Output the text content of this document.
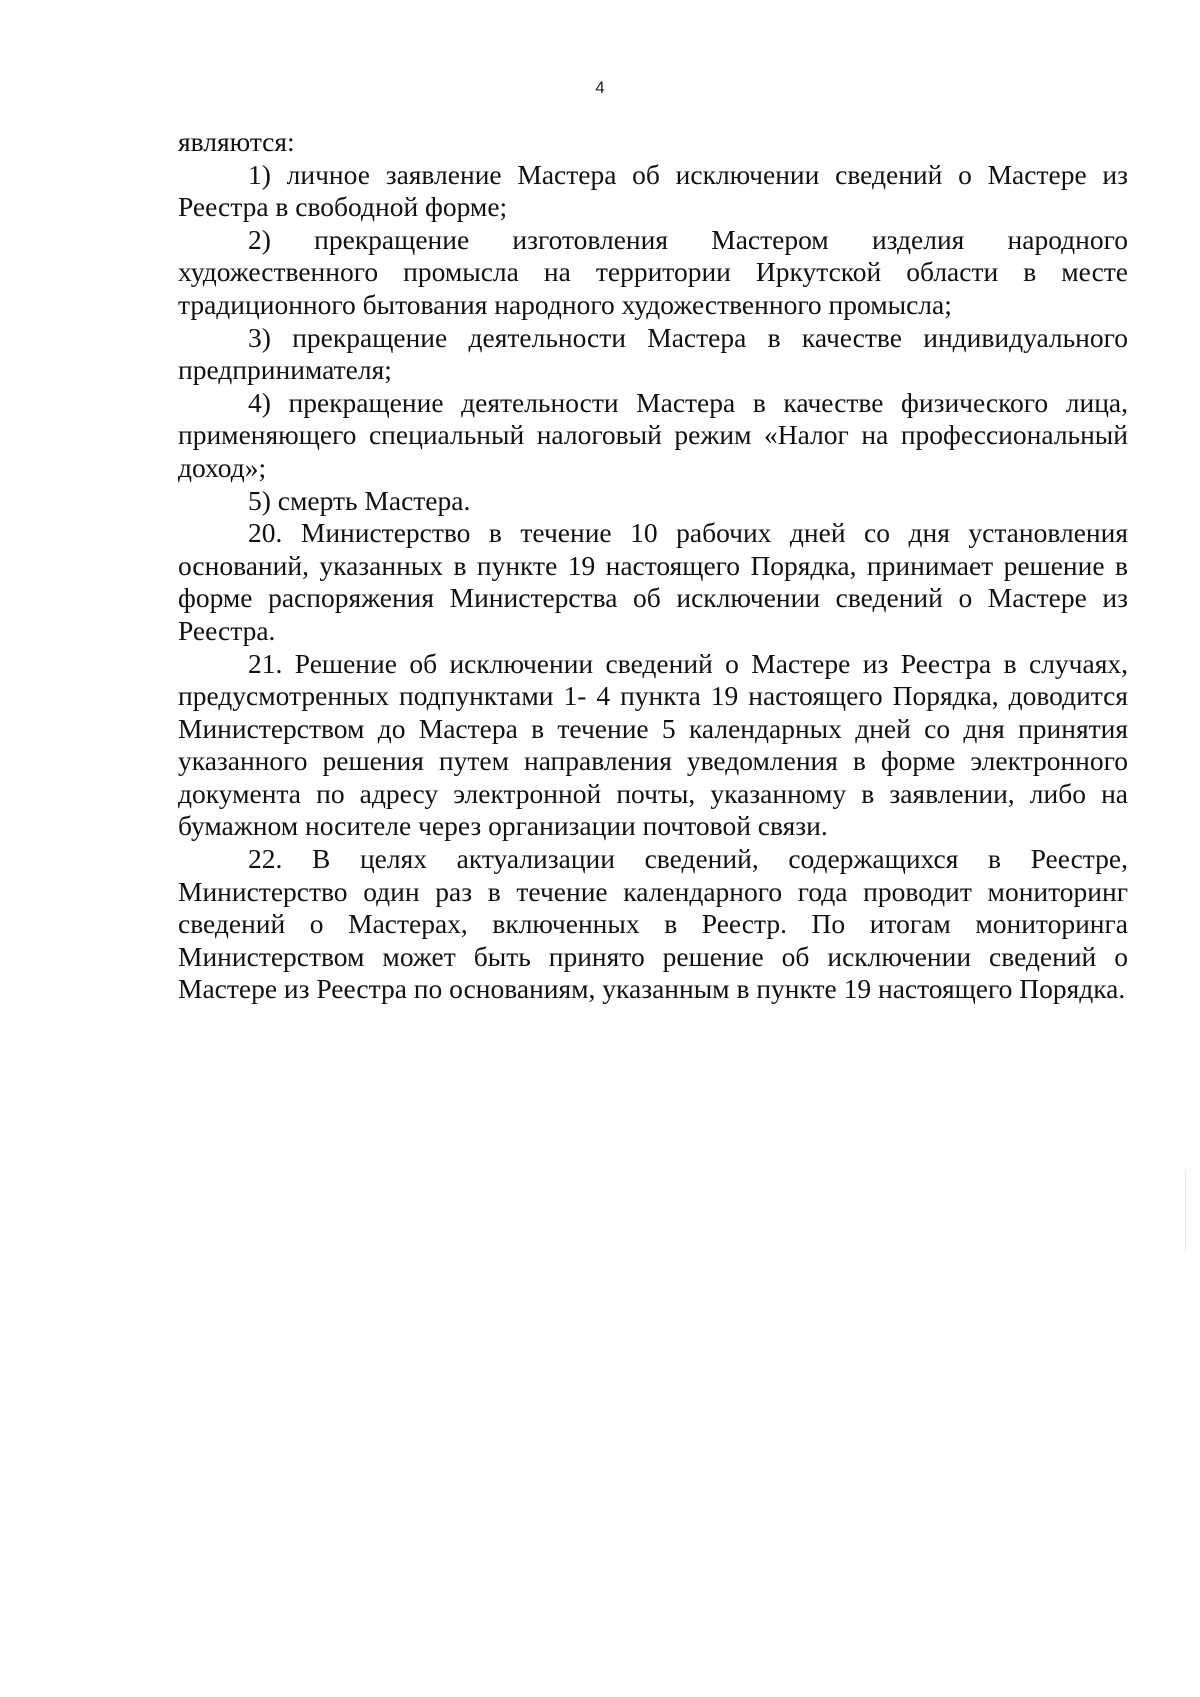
4

являются:

1) личное заявление Мастера об исключении сведений о Мастере из Реестра в свободной форме;

2) прекращение изготовления Мастером изделия народного художественного промысла на территории Иркутской области в месте традиционного бытования народного художественного промысла;

3) прекращение деятельности Мастера в качестве индивидуального предпринимателя;

4) прекращение деятельности Мастера в качестве физического лица, применяющего специальный налоговый режим «Налог на профессиональный доход»;

5) смерть Мастера.

20. Министерство в течение 10 рабочих дней со дня установления оснований, указанных в пункте 19 настоящего Порядка, принимает решение в форме распоряжения Министерства об исключении сведений о Мастере из Реестра.

21. Решение об исключении сведений о Мастере из Реестра в случаях, предусмотренных подпунктами 1- 4 пункта 19 настоящего Порядка, доводится Министерством до Мастера в течение 5 календарных дней со дня принятия указанного решения путем направления уведомления в форме электронного документа по адресу электронной почты, указанному в заявлении, либо на бумажном носителе через организации почтовой связи.

22. В целях актуализации сведений, содержащихся в Реестре, Министерство один раз в течение календарного года проводит мониторинг сведений о Мастерах, включенных в Реестр. По итогам мониторинга Министерством может быть принято решение об исключении сведений о Мастере из Реестра по основаниям, указанным в пункте 19 настоящего Порядка.
